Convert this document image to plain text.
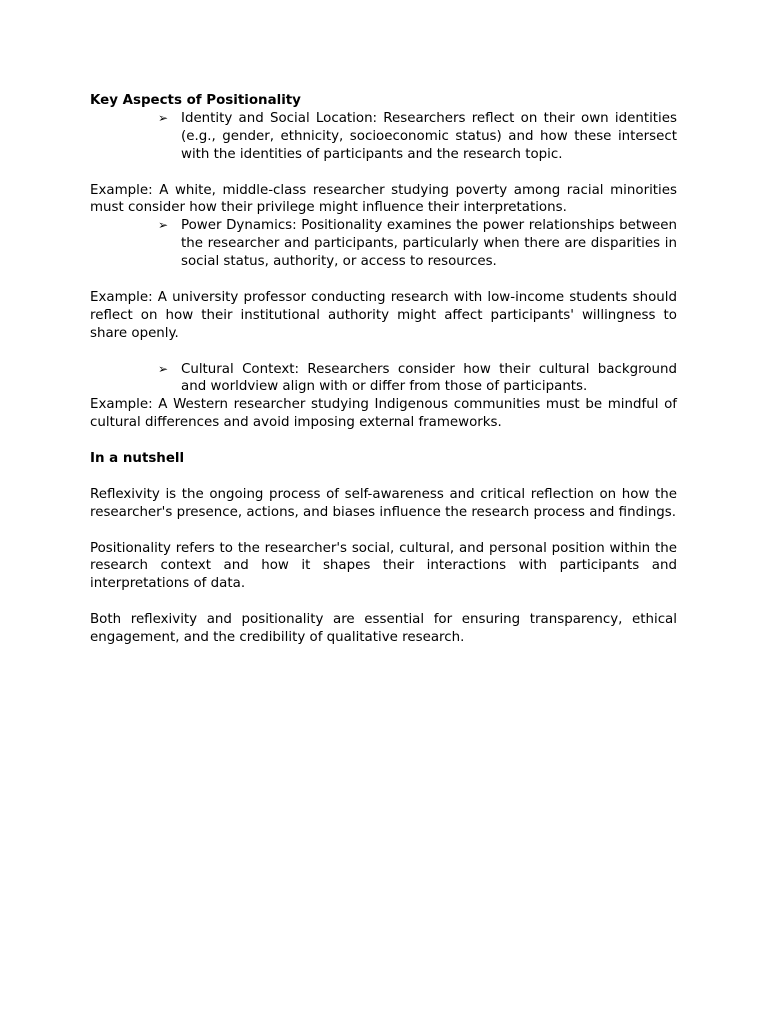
Key Aspects of Positionality
➢ Identity and Social Location: Researchers reflect on their own identities (e.g., gender, ethnicity, socioeconomic status) and how these intersect with the identities of participants and the research topic.

Example: A white, middle-class researcher studying poverty among racial minorities must consider how their privilege might influence their interpretations.

➢ Power Dynamics: Positionality examines the power relationships between the researcher and participants, particularly when there are disparities in social status, authority, or access to resources.

Example: A university professor conducting research with low-income students should reflect on how their institutional authority might affect participants' willingness to share openly.

➢ Cultural Context: Researchers consider how their cultural background and worldview align with or differ from those of participants.

Example: A Western researcher studying Indigenous communities must be mindful of cultural differences and avoid imposing external frameworks.

In a nutshell

Reflexivity is the ongoing process of self-awareness and critical reflection on how the researcher's presence, actions, and biases influence the research process and findings.

Positionality refers to the researcher's social, cultural, and personal position within the research context and how it shapes their interactions with participants and interpretations of data.

Both reflexivity and positionality are essential for ensuring transparency, ethical engagement, and the credibility of qualitative research.
